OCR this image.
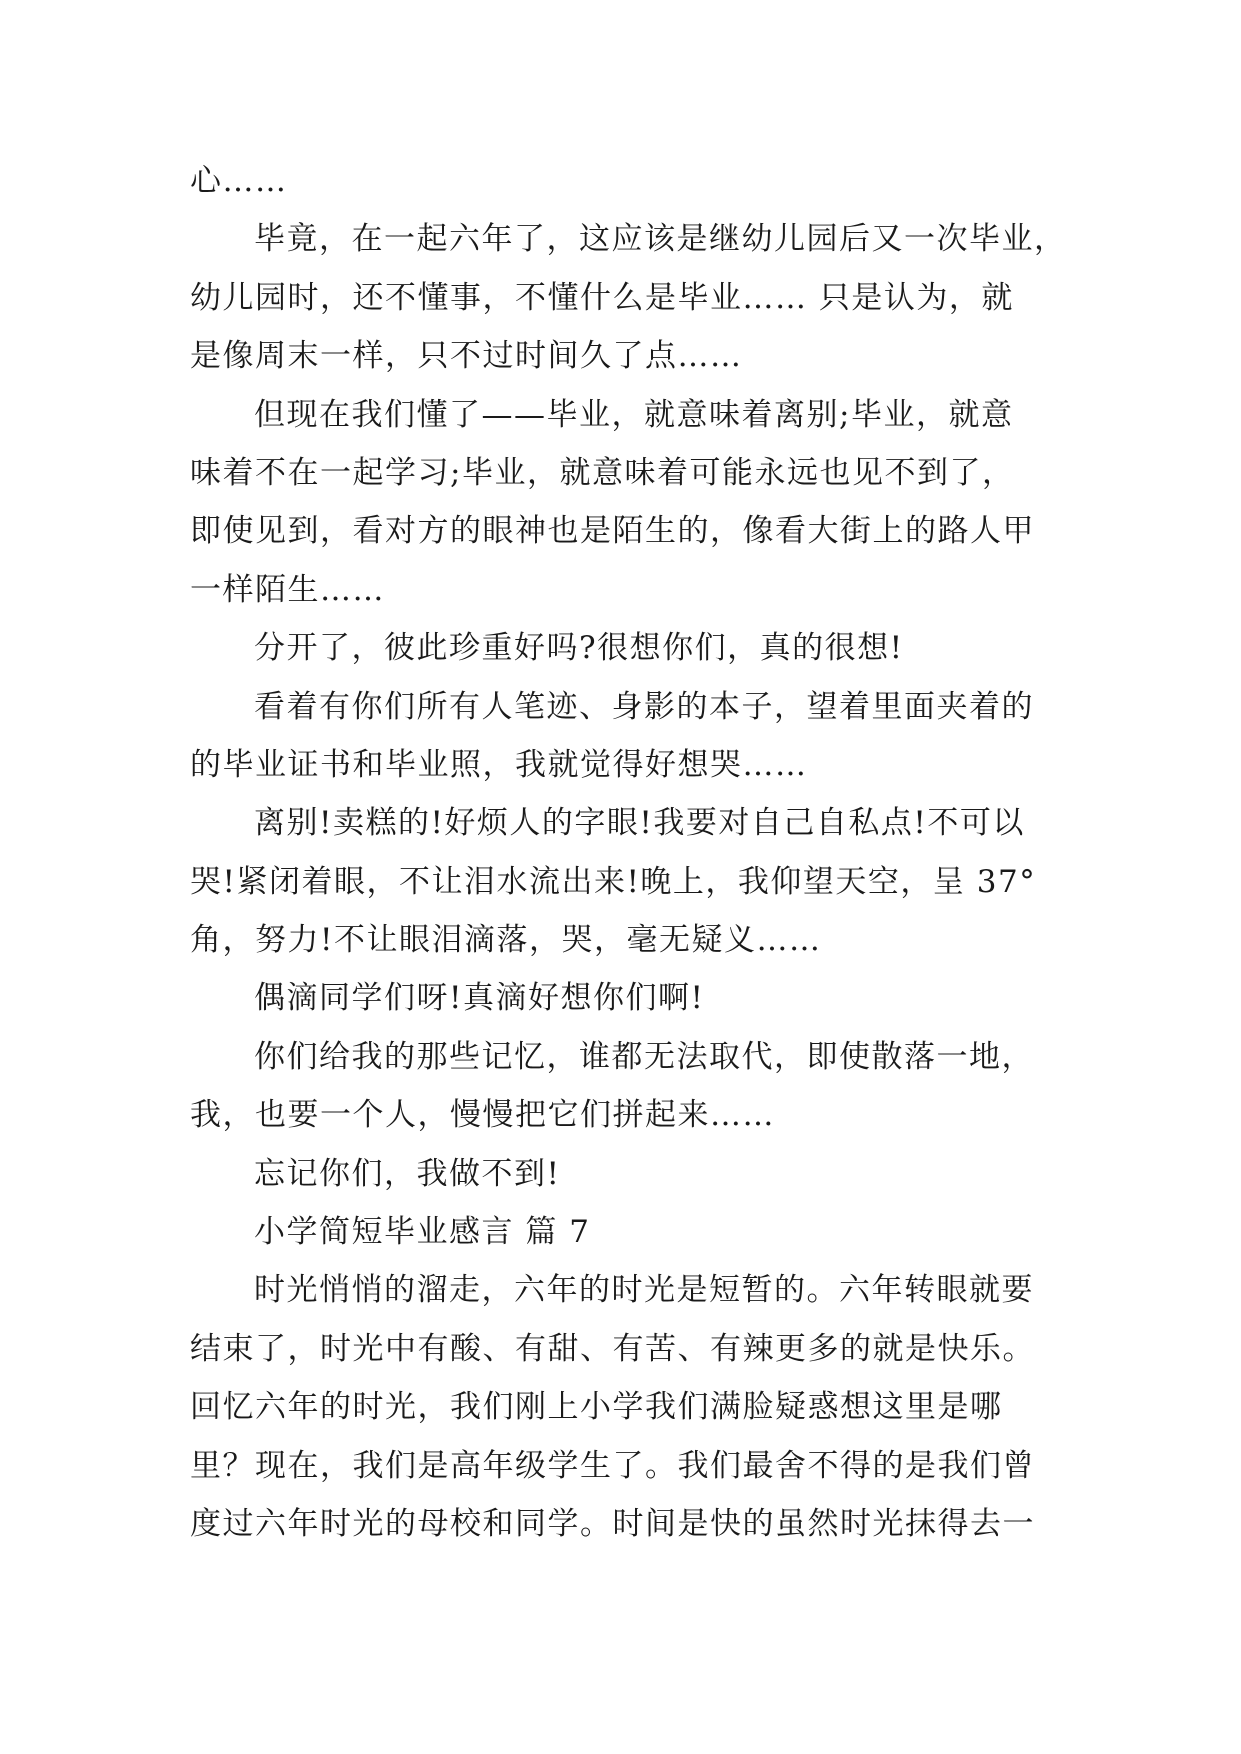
心……
毕竟，在一起六年了，这应该是继幼儿园后又一次毕业，
幼儿园时，还不懂事，不懂什么是毕业…… 只是认为，就
是像周末一样，只不过时间久了点……
但现在我们懂了——毕业，就意味着离别;毕业，就意
味着不在一起学习;毕业，就意味着可能永远也见不到了，
即使见到，看对方的眼神也是陌生的，像看大街上的路人甲
一样陌生……
分开了，彼此珍重好吗?很想你们，真的很想!
看着有你们所有人笔迹、身影的本子，望着里面夹着的
的毕业证书和毕业照，我就觉得好想哭……
离别!卖糕的!好烦人的字眼!我要对自己自私点!不可以
哭!紧闭着眼，不让泪水流出来!晚上，我仰望天空，呈 37°
角，努力!不让眼泪滴落，哭，毫无疑义……
偶滴同学们呀!真滴好想你们啊!
你们给我的那些记忆，谁都无法取代，即使散落一地，
我，也要一个人，慢慢把它们拼起来……
忘记你们，我做不到!
小学简短毕业感言 篇 7
时光悄悄的溜走，六年的时光是短暂的。六年转眼就要
结束了，时光中有酸、有甜、有苦、有辣更多的就是快乐。
回忆六年的时光，我们刚上小学我们满脸疑惑想这里是哪
里？现在，我们是高年级学生了。我们最舍不得的是我们曾
度过六年时光的母校和同学。时间是快的虽然时光抹得去一
